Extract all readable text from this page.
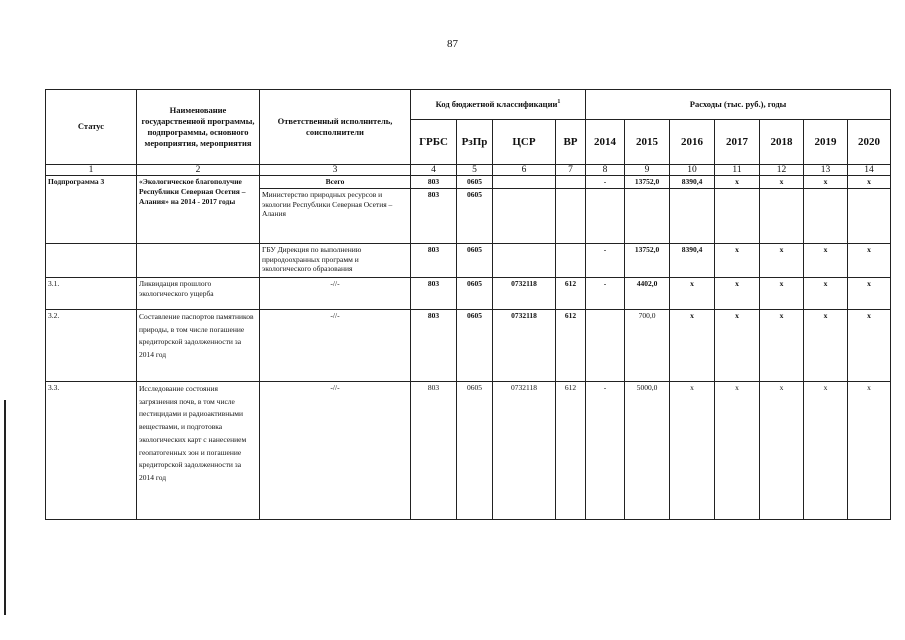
87
Статус	Наименование государственной программы, подпрограммы, основного мероприятия, мероприятия	Ответственный исполнитель, соисполнители	Код бюджетной классификации$^1$				Расходы (тыс. руб.), годы						
			ГРБС	РзПр	ЦСР	ВР	2014	2015	2016	2017	2018	2019	2020
1	2	3	4	5	6	7	8	9	10	11	12	13	14
Подпрограмма 3	«Экологическое благополучие Республики Северная Осетия – Алания» на 2014 - 2017 годы	Всего	803	0605			-	13752,0	8390,4	x	x	x	x
		Министерство природных ресурсов и экологии Республики Северная Осетия – Алания	803	0605									
		ГБУ Дирекция по выполнению природоохранных программ и экологического образования	803	0605			-	13752,0	8390,4	x	x	x	x
3.1.	Ликвидация прошлого экологического ущерба	-//-	803	0605	0732118	612	-	4402,0	x	x	x	x	x
3.2.	Составление паспортов памятников природы, в том числе погашение кредиторской задолженности за 2014 год	-//-	803	0605	0732118	612		700,0	x	x	x	x	x
3.3.	Исследование состояния загрязнения почв, в том числе пестицидами и радиоактивными веществами, и подготовка экологических карт с нанесением геопатогенных зон и погашение кредиторской задолженности за 2014 год	-//-	803	0605	0732118	612	-	5000,0	x	x	x	x	x
